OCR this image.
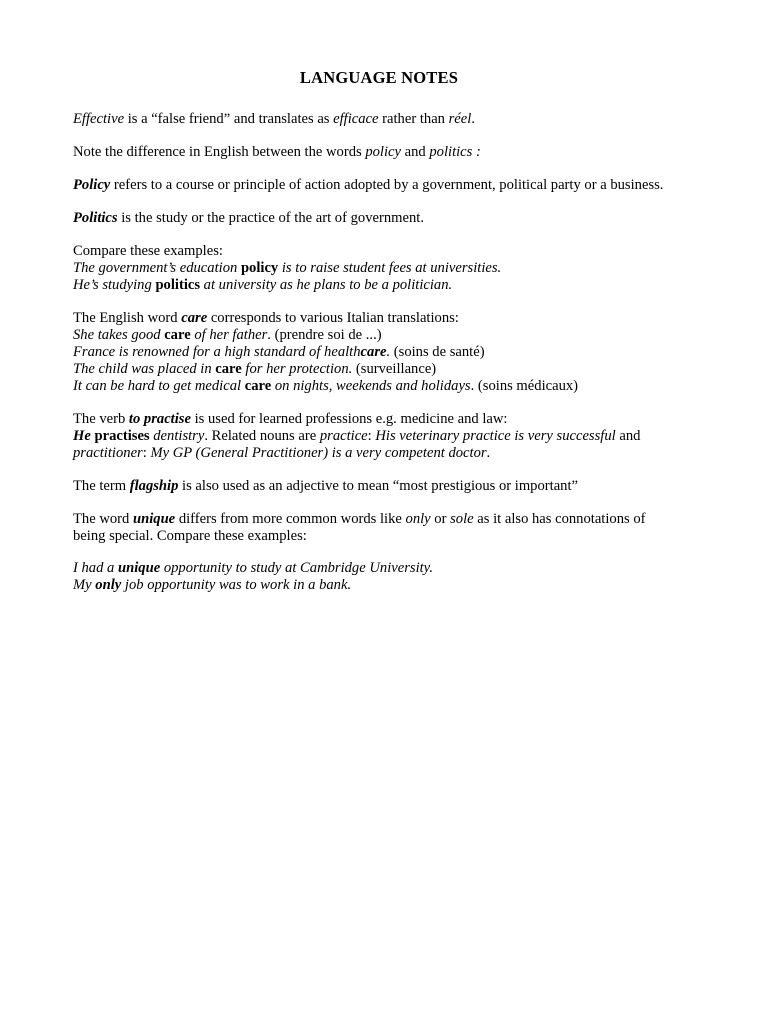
LANGUAGE NOTES
Effective is a “false friend” and translates as efficace rather than réel.
Note the difference in English between the words policy and politics :
Policy refers to a course or principle of action adopted by a government, political party or a business.
Politics is the study or the practice of the art of government.
Compare these examples:
The government’s education policy is to raise student fees at universities.
He’s studying politics at university as he plans to be a politician.
The English word care corresponds to various Italian translations:
She takes good care of her father. (prendre soi de ...)
France is renowned for a high standard of healthcare. (soins de santé)
The child was placed in care for her protection. (surveillance)
It can be hard to get medical care on nights, weekends and holidays. (soins médicaux)
The verb to practise is used for learned professions e.g. medicine and law:
He practises dentistry. Related nouns are practice: His veterinary practice is very successful and
practitioner: My GP (General Practitioner) is a very competent doctor.
The term flagship is also used as an adjective to mean “most prestigious or important”
The word unique differs from more common words like only or sole as it also has connotations of
being special. Compare these examples:
I had a unique opportunity to study at Cambridge University.
My only job opportunity was to work in a bank.
